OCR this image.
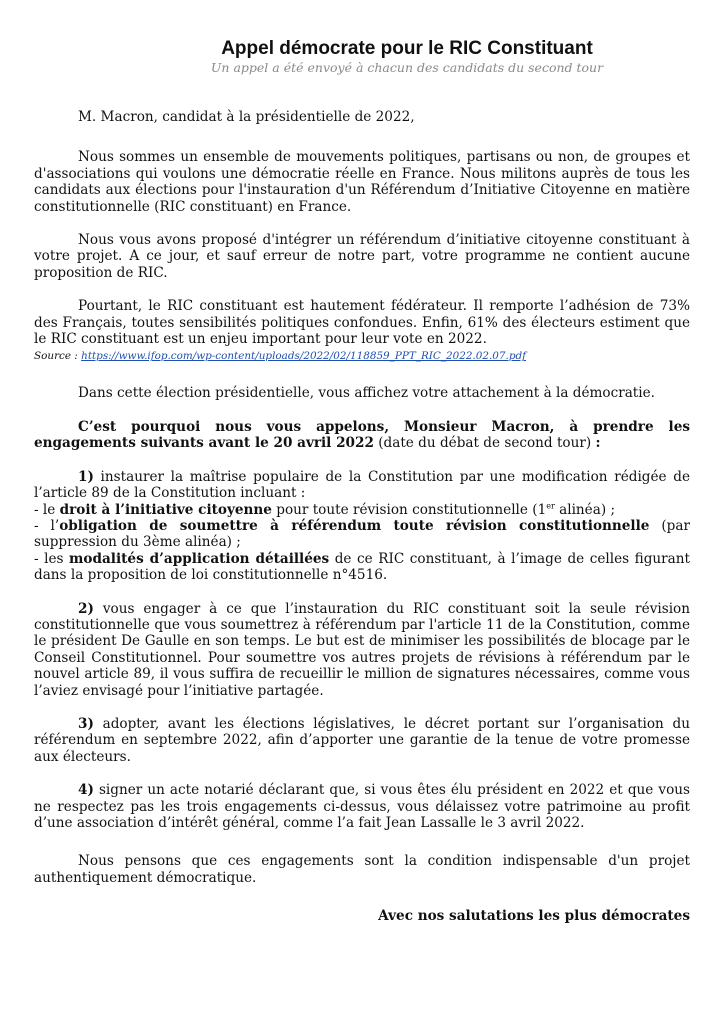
Appel démocrate pour le RIC Constituant
Un appel a été envoyé à chacun des candidats du second tour

M. Macron, candidat à la présidentielle de 2022,

Nous sommes un ensemble de mouvements politiques, partisans ou non, de groupes et d'associations qui voulons une démocratie réelle en France. Nous militons auprès de tous les candidats aux élections pour l'instauration d'un Référendum d’Initiative Citoyenne en matière constitutionnelle (RIC constituant) en France.

Nous vous avons proposé d'intégrer un référendum d’initiative citoyenne constituant à votre projet. A ce jour, et sauf erreur de notre part, votre programme ne contient aucune proposition de RIC.

Pourtant, le RIC constituant est hautement fédérateur. Il remporte l’adhésion de 73% des Français, toutes sensibilités politiques confondues. Enfin, 61% des électeurs estiment que le RIC constituant est un enjeu important pour leur vote en 2022.

Source : https://www.ifop.com/wp-content/uploads/2022/02/118859_PPT_RIC_2022.02.07.pdf

Dans cette élection présidentielle, vous affichez votre attachement à la démocratie.

C’est pourquoi nous vous appelons, Monsieur Macron, à prendre les engagements suivants avant le 20 avril 2022 (date du débat de second tour) :

1) instaurer la maîtrise populaire de la Constitution par une modification rédigée de l’article 89 de la Constitution incluant :

- le droit à l’initiative citoyenne pour toute révision constitutionnelle (1er alinéa) ;

- l’obligation de soumettre à référendum toute révision constitutionnelle (par suppression du 3ème alinéa) ;

- les modalités d’application détaillées de ce RIC constituant, à l’image de celles figurant dans la proposition de loi constitutionnelle n°4516.

2) vous engager à ce que l’instauration du RIC constituant soit la seule révision constitutionnelle que vous soumettrez à référendum par l'article 11 de la Constitution, comme le président De Gaulle en son temps. Le but est de minimiser les possibilités de blocage par le Conseil Constitutionnel. Pour soumettre vos autres projets de révisions à référendum par le nouvel article 89, il vous suffira de recueillir le million de signatures nécessaires, comme vous l’aviez envisagé pour l’initiative partagée.

3) adopter, avant les élections législatives, le décret portant sur l’organisation du référendum en septembre 2022, afin d’apporter une garantie de la tenue de votre promesse aux électeurs.

4) signer un acte notarié déclarant que, si vous êtes élu président en 2022 et que vous ne respectez pas les trois engagements ci-dessus, vous délaissez votre patrimoine au profit d’une association d’intérêt général, comme l’a fait Jean Lassalle le 3 avril 2022.

Nous pensons que ces engagements sont la condition indispensable d'un projet authentiquement démocratique.

Avec nos salutations les plus démocrates
